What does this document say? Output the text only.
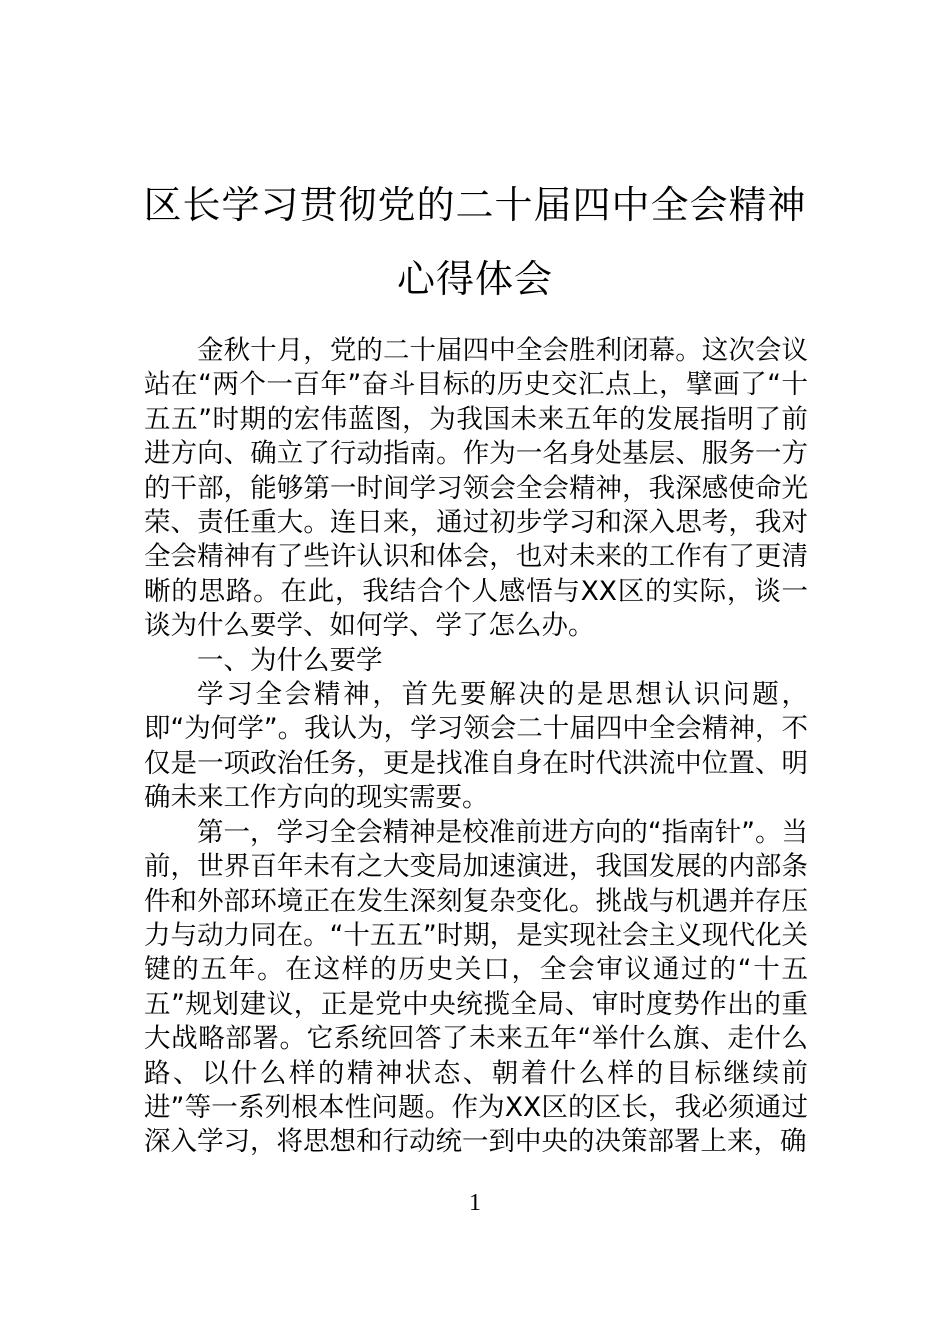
区长学习贯彻党的二十届四中全会精神心得体会

金秋十月，党的二十届四中全会胜利闭幕。这次会议站在“两个一百年”奋斗目标的历史交汇点上，擘画了“十五五”时期的宏伟蓝图，为我国未来五年的发展指明了前进方向、确立了行动指南。作为一名身处基层、服务一方的干部，能够第一时间学习领会全会精神，我深感使命光荣、责任重大。连日来，通过初步学习和深入思考，我对全会精神有了些许认识和体会，也对未来的工作有了更清晰的思路。在此，我结合个人感悟与XX区的实际，谈一谈为什么要学、如何学、学了怎么办。

一、为什么要学

学习全会精神，首先要解决的是思想认识问题，即“为何学”。我认为，学习领会二十届四中全会精神，不仅是一项政治任务，更是找准自身在时代洪流中位置、明确未来工作方向的现实需要。

第一，学习全会精神是校准前进方向的“指南针”。当前，世界百年未有之大变局加速演进，我国发展的内部条件和外部环境正在发生深刻复杂变化。挑战与机遇并存压力与动力同在。“十五五”时期，是实现社会主义现代化关键的五年。在这样的历史关口，全会审议通过的“十五五”规划建议，正是党中央统揽全局、审时度势作出的重大战略部署。它系统回答了未来五年“举什么旗、走什么路、以什么样的精神状态、朝着什么样的目标继续前进”等一系列根本性问题。作为XX区的区长，我必须通过深入学习，将思想和行动统一到中央的决策部署上来，确

1
